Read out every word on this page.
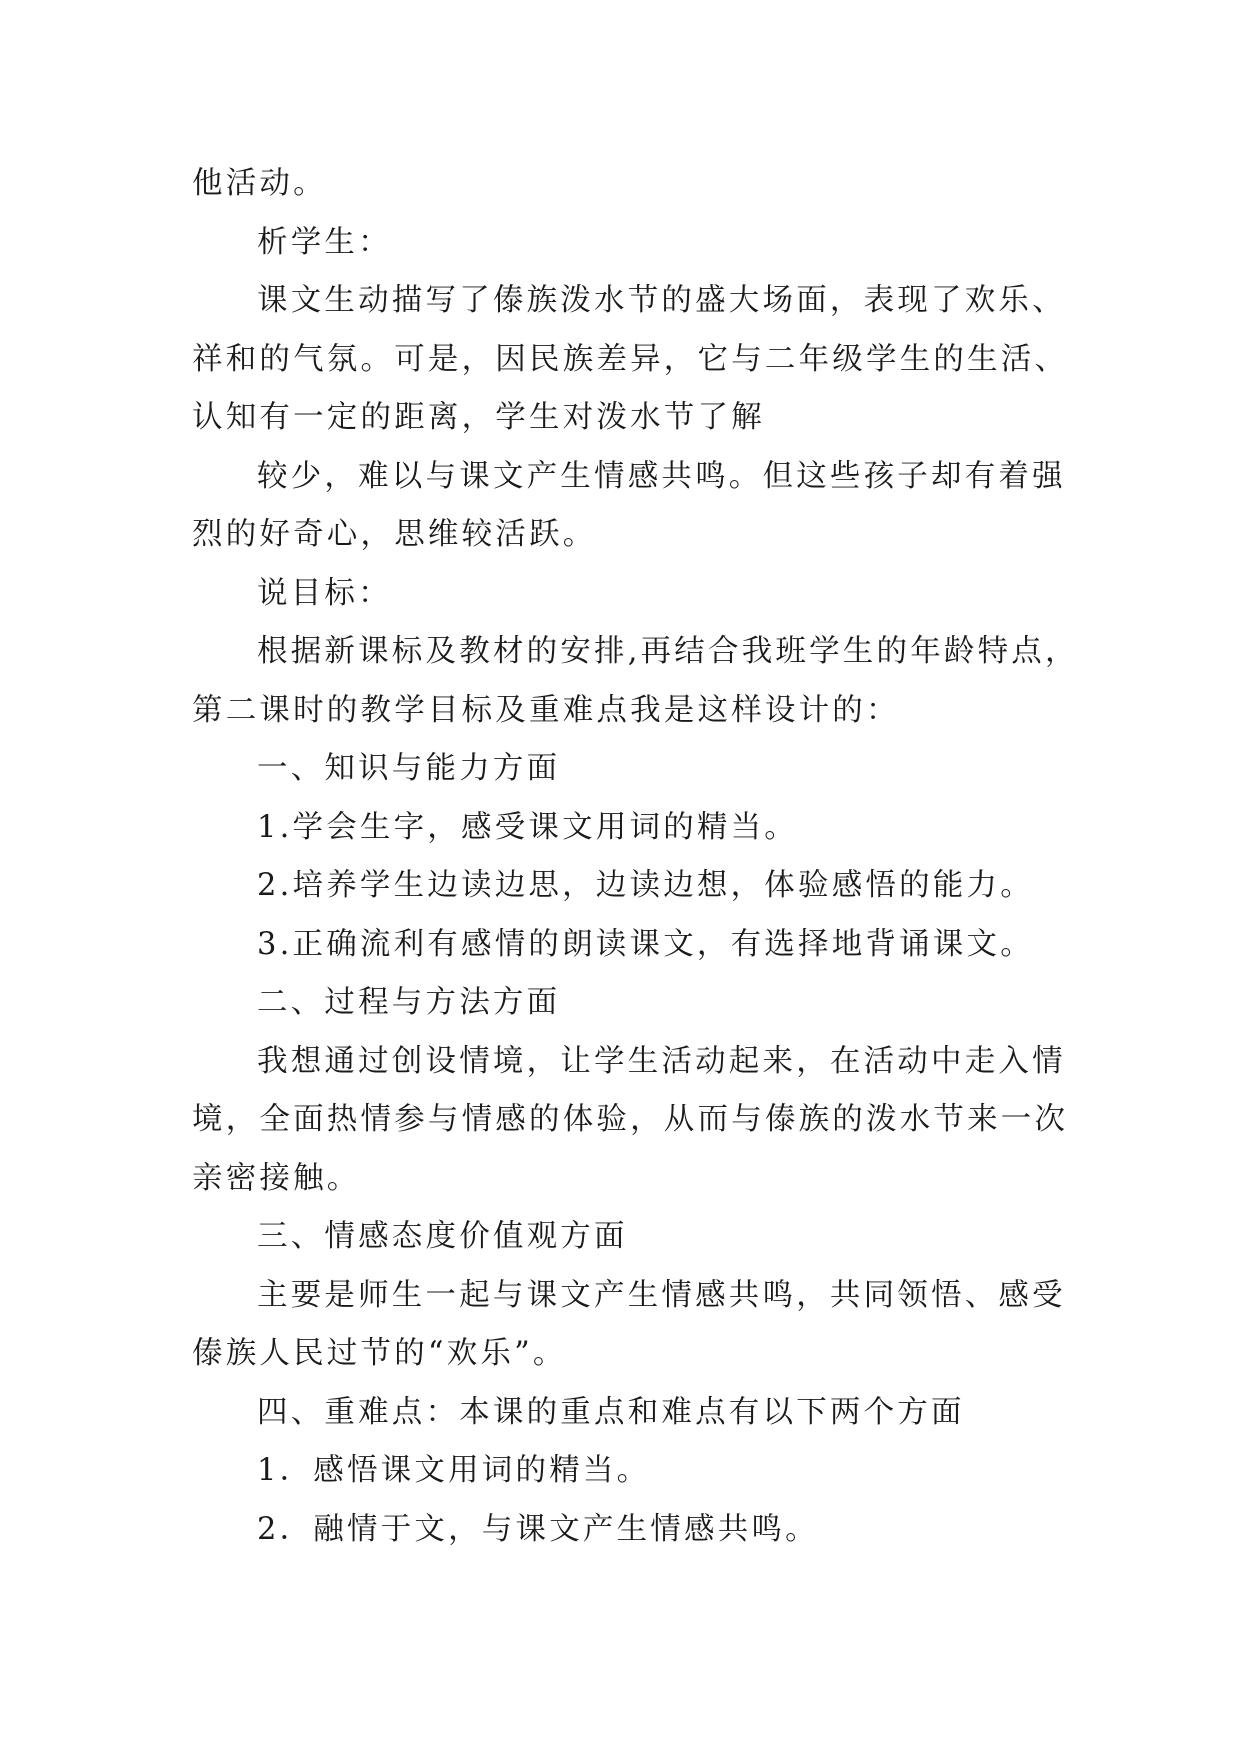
他活动。
析学生：
课文生动描写了傣族泼水节的盛大场面，表现了欢乐、
祥和的气氛。可是，因民族差异，它与二年级学生的生活、
认知有一定的距离，学生对泼水节了解
较少，难以与课文产生情感共鸣。但这些孩子却有着强
烈的好奇心，思维较活跃。
说目标：
根据新课标及教材的安排,再结合我班学生的年龄特点，
第二课时的教学目标及重难点我是这样设计的：
一、知识与能力方面
1.学会生字，感受课文用词的精当。
2.培养学生边读边思，边读边想，体验感悟的能力。
3.正确流利有感情的朗读课文，有选择地背诵课文。
二、过程与方法方面
我想通过创设情境，让学生活动起来，在活动中走入情
境，全面热情参与情感的体验，从而与傣族的泼水节来一次
亲密接触。
三、情感态度价值观方面
主要是师生一起与课文产生情感共鸣，共同领悟、感受
傣族人民过节的“欢乐”。
四、重难点：本课的重点和难点有以下两个方面
1．感悟课文用词的精当。
2．融情于文，与课文产生情感共鸣。
